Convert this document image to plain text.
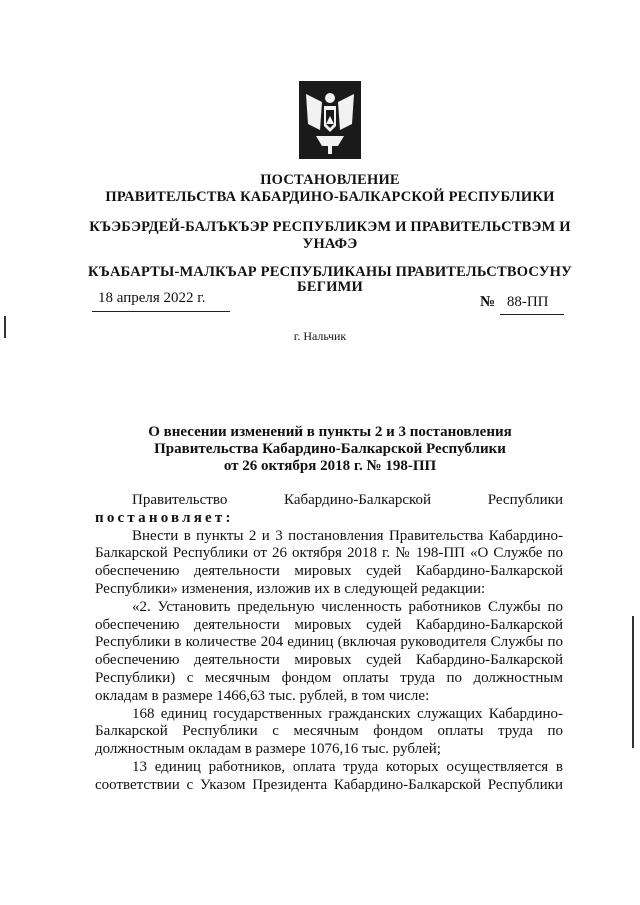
ПОСТАНОВЛЕНИЕ
ПРАВИТЕЛЬСТВА КАБАРДИНО-БАЛКАРСКОЙ РЕСПУБЛИКИ
КЪЭБЭРДЕЙ-БАЛЪКЪЭР РЕСПУБЛИКЭМ И ПРАВИТЕЛЬСТВЭМ И
УНАФЭ
КЪАБАРТЫ-МАЛКЪАР РЕСПУБЛИКАНЫ ПРАВИТЕЛЬСТВОСУНУ
БЕГИМИ
18 апреля 2022 г.	№ 88-ПП
г. Нальчик
О внесении изменений в пункты 2 и 3 постановления
Правительства Кабардино-Балкарской Республики
от 26 октября 2018 г. № 198-ПП

Правительство Кабардино-Балкарской Республики

постановляет:

Внести в пункты 2 и 3 постановления Правительства Кабардино-Балкарской Республики от 26 октября 2018 г. № 198-ПП «О Службе по обеспечению деятельности мировых судей Кабардино-Балкарской Республики» изменения, изложив их в следующей редакции:

«2. Установить предельную численность работников Службы по обеспечению деятельности мировых судей Кабардино-Балкарской Республики в количестве 204 единиц (включая руководителя Службы по обеспечению деятельности мировых судей Кабардино-Балкарской Республики) с месячным фондом оплаты труда по должностным окладам в размере 1466,63 тыс. рублей, в том числе:

168 единиц государственных гражданских служащих Кабардино-Балкарской Республики с месячным фондом оплаты труда по должностным окладам в размере 1076,16 тыс. рублей;

13 единиц работников, оплата труда которых осуществляется в соответствии с Указом Президента Кабардино-Балкарской Республики
